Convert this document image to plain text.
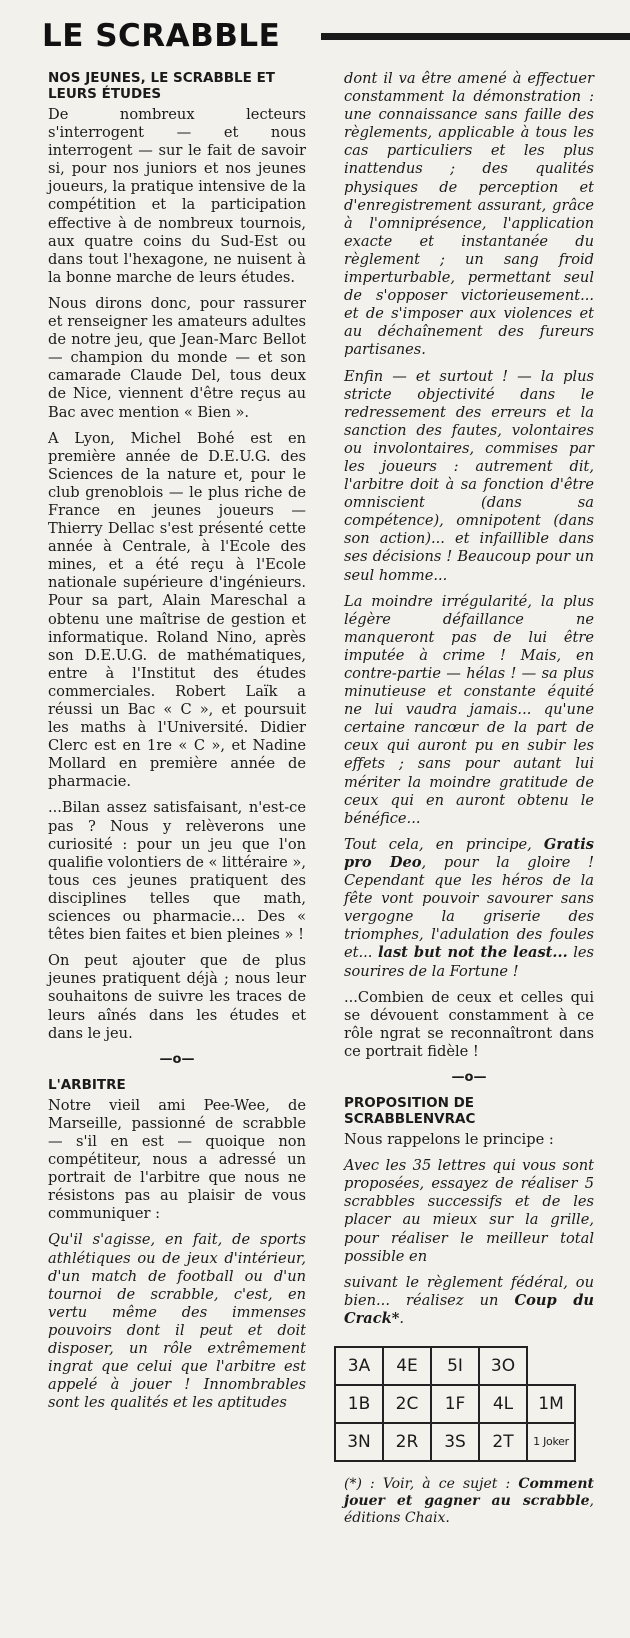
LE SCRABBLE
NOS JEUNES, LE SCRABBLE ET LEURS ÉTUDES

De nombreux lecteurs s'interrogent — et nous interrogent — sur le fait de savoir si, pour nos juniors et nos jeunes joueurs, la pratique intensive de la compétition et la participation effective à de nombreux tournois, aux quatre coins du Sud-Est ou dans tout l'hexagone, ne nuisent à la bonne marche de leurs études.

Nous dirons donc, pour rassurer et renseigner les amateurs adultes de notre jeu, que Jean-Marc Bellot — champion du monde — et son camarade Claude Del, tous deux de Nice, viennent d'être reçus au Bac avec mention « Bien ».

A Lyon, Michel Bohé est en première année de D.E.U.G. des Sciences de la nature et, pour le club grenoblois — le plus riche de France en jeunes joueurs — Thierry Dellac s'est présenté cette année à Centrale, à l'Ecole des mines, et a été reçu à l'Ecole nationale supérieure d'ingénieurs. Pour sa part, Alain Mareschal a obtenu une maîtrise de gestion et informatique. Roland Nino, après son D.E.U.G. de mathématiques, entre à l'Institut des études commerciales. Robert Laïk a réussi un Bac « C », et poursuit les maths à l'Université. Didier Clerc est en 1re « C », et Nadine Mollard en première année de pharmacie.

...Bilan assez satisfaisant, n'est-ce pas ? Nous y relèverons une curiosité : pour un jeu que l'on qualifie volontiers de « littéraire », tous ces jeunes pratiquent des disciplines telles que math, sciences ou pharmacie... Des « têtes bien faites et bien pleines » !

On peut ajouter que de plus jeunes pratiquent déjà ; nous leur souhaitons de suivre les traces de leurs aînés dans les études et dans le jeu.

—o—
L'ARBITRE

Notre vieil ami Pee-Wee, de Marseille, passionné de scrabble — s'il en est — quoique non compétiteur, nous a adressé un portrait de l'arbitre que nous ne résistons pas au plaisir de vous communiquer :

Qu'il s'agisse, en fait, de sports athlétiques ou de jeux d'intérieur, d'un match de football ou d'un tournoi de scrabble, c'est, en vertu même des immenses pouvoirs dont il peut et doit disposer, un rôle extrêmement ingrat que celui que l'arbitre est appelé à jouer ! Innombrables sont les qualités et les aptitudes

dont il va être amené à effectuer constamment la démonstration : une connaissance sans faille des règlements, applicable à tous les cas particuliers et les plus inattendus ; des qualités physiques de perception et d'enregistrement assurant, grâce à l'omniprésence, l'application exacte et instantanée du règlement ; un sang froid imperturbable, permettant seul de s'opposer victorieusement... et de s'imposer aux violences et au déchaînement des fureurs partisanes.

Enfin — et surtout ! — la plus stricte objectivité dans le redressement des erreurs et la sanction des fautes, volontaires ou involontaires, commises par les joueurs : autrement dit, l'arbitre doit à sa fonction d'être omniscient (dans sa compétence), omnipotent (dans son action)... et infaillible dans ses décisions ! Beaucoup pour un seul homme...

La moindre irrégularité, la plus légère défaillance ne manqueront pas de lui être imputée à crime ! Mais, en contre-partie — hélas ! — sa plus minutieuse et constante équité ne lui vaudra jamais... qu'une certaine rancœur de la part de ceux qui auront pu en subir les effets ; sans pour autant lui mériter la moindre gratitude de ceux qui en auront obtenu le bénéfice...

Tout cela, en principe, Gratis pro Deo, pour la gloire ! Cependant que les héros de la fête vont pouvoir savourer sans vergogne la griserie des triomphes, l'adulation des foules et... last but not the least... les sourires de la Fortune !

...Combien de ceux et celles qui se dévouent constamment à ce rôle ngrat se reconnaîtront dans ce portrait fidèle !

—o—
PROPOSITION DE SCRABBLENVRAC

Nous rappelons le principe :

Avec les 35 lettres qui vous sont proposées, essayez de réaliser 5 scrabbles successifs et de les placer au mieux sur la grille, pour réaliser le meilleur total possible en

suivant le règlement fédéral, ou bien... réalisez un Coup du Crack*.

3A	4E	5I	3O	
1B	2C	1F	4L	1M
3N	2R	3S	2T	1 Joker
(*) : Voir, à ce sujet : Comment jouer et gagner au scrabble, éditions Chaix.
